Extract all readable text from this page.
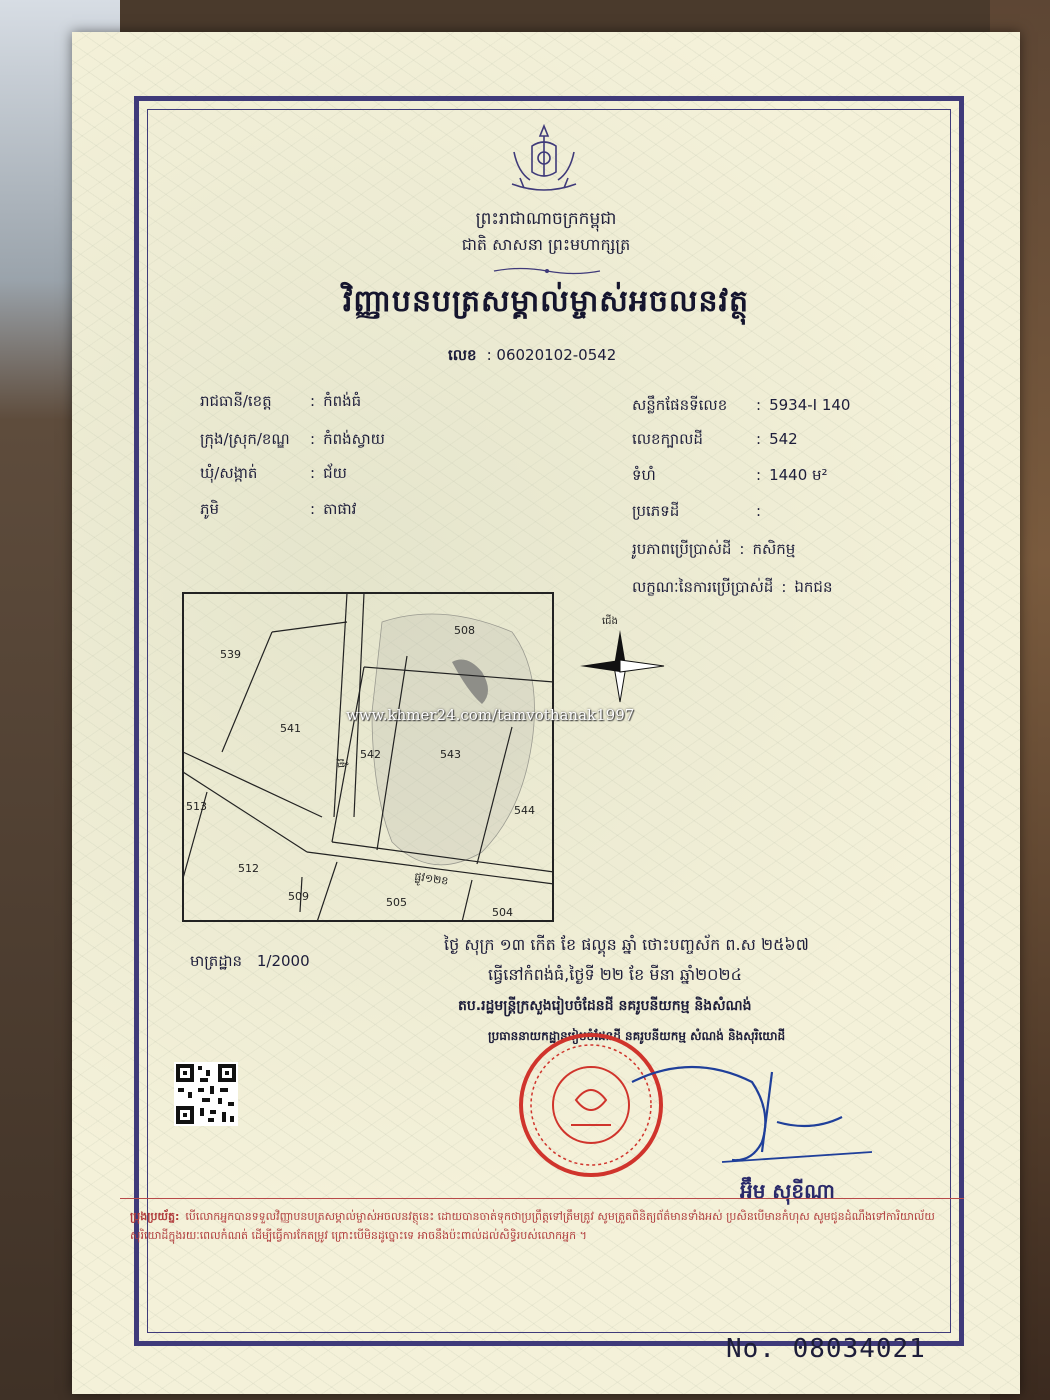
ព្រះរាជាណាចក្រកម្ពុជា
ជាតិ សាសនា ព្រះមហាក្សត្រ
វិញ្ញាបនបត្រសម្គាល់ម្ចាស់អចលនវត្ថុ
លេខ : 06020102-0542
រាជធានី/ខេត្ត	: កំពង់ធំ
ក្រុង/ស្រុក/ខណ្ឌ : កំពង់ស្វាយ
ឃុំ/សង្កាត់	: ជ័យ
ភូមិ	: តាផាវ
សន្លឹកផែនទីលេខ : 5934-I 140
លេខក្បាលដី	: 542
ទំហំ	: 1440 ម²
ប្រភេទដី	:
រូបភាពប្រើប្រាស់ដី : កសិកម្ម
លក្ខណៈនៃការប្រើប្រាស់ដី : ឯកជន
539
508
541
542	543
513	544
512
509	505
504
ផ្លូវ
ផ្លូវ១២ខ
ជើង
www.khmer24.com/tamvothanak1997
មាត្រដ្ឋាន 1/2000
ថ្ងៃ សុក្រ ១៣ កើត ខែ ផល្គុន ឆ្នាំ ថោះបញ្ចស័ក ព.ស ២៥៦៧
ធ្វើនៅកំពង់ធំ,ថ្ងៃទី ២២ ខែ មីនា ឆ្នាំ២០២៤
តប.រដ្ឋមន្ត្រីក្រសួងរៀបចំដែនដី នគរូបនីយកម្ម និងសំណង់
ប្រធាននាយកដ្ឋានរៀបចំដែនដី នគរូបនីយកម្ម សំណង់ និងសុរិយោដី
អ៊ឹម សុខីណា
ប្រុងប្រយ័ត្ន: បើលោកអ្នកបានទទួលវិញ្ញាបនបត្រសម្គាល់ម្ចាស់អចលនវត្ថុនេះ ដោយបានចាត់ទុកថាប្រព្រឹត្តទៅត្រឹមត្រូវ សូមត្រួតពិនិត្យព័ត៌មានទាំងអស់ ប្រសិនបើមានកំហុស សូមជូនដំណឹងទៅការិយាល័យសុរិយោដីក្នុងរយៈពេលកំណត់ ដើម្បីធ្វើការកែតម្រូវ ព្រោះបើមិនដូច្នោះទេ អាចនឹងប៉ះពាល់ដល់សិទ្ធិរបស់លោកអ្នក ។
No. 08034021
